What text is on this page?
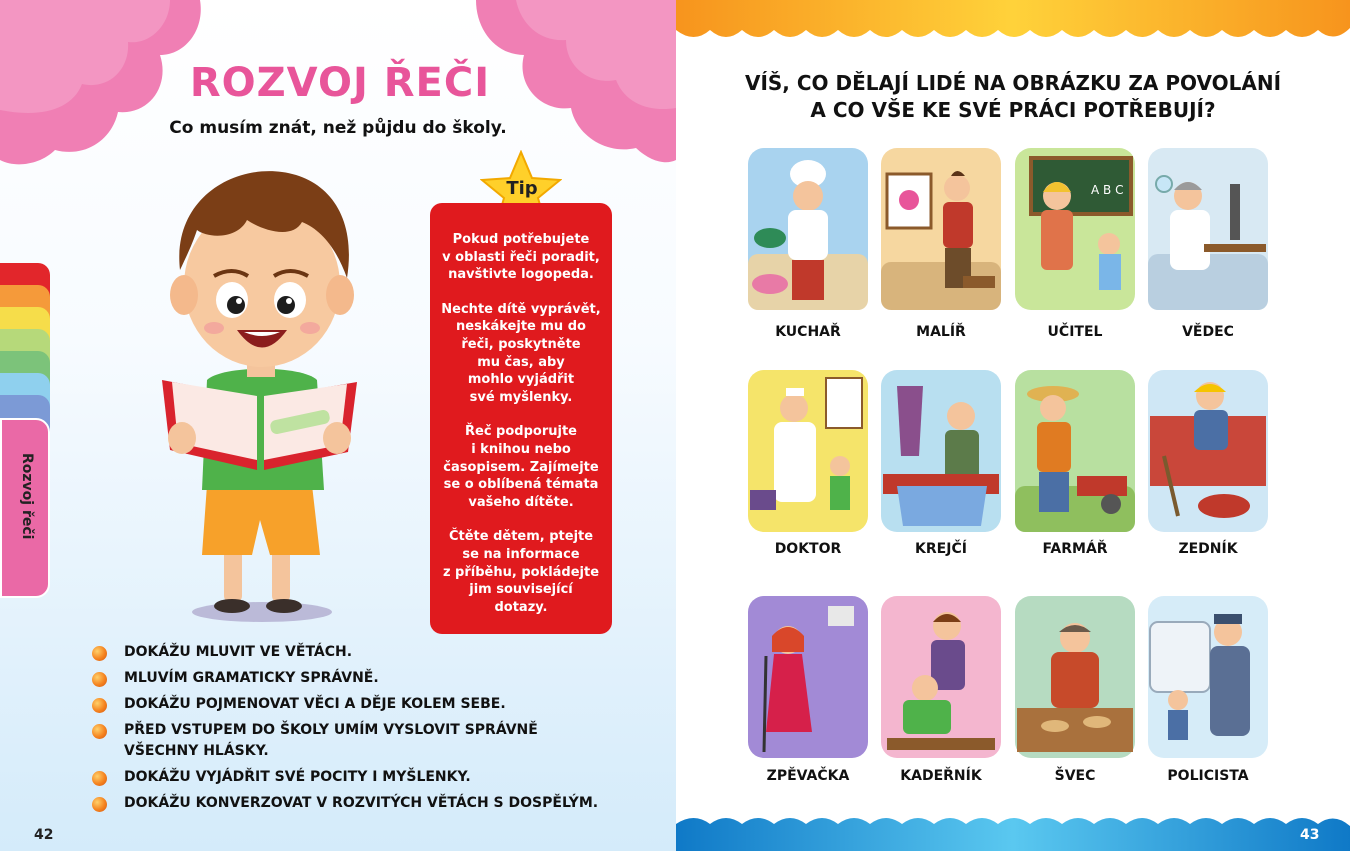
ROZVOJ ŘEČI
Co musím znát, než půjdu do školy.
Rozvoj řeči
Tip

Pokud potřebujete
v oblasti řeči poradit,
navštivte logopeda.

Nechte dítě vyprávět,
neskákejte mu do
řeči, poskytněte
mu čas, aby
mohlo vyjádřit
své myšlenky.

Řeč podporujte
i knihou nebo
časopisem. Zajímejte
se o oblíbená témata
vašeho dítěte.

Čtěte dětem, ptejte
se na informace
z příběhu, pokládejte
jim související
dotazy.

DOKÁŽU MLUVIT VE VĚTÁCH.
MLUVÍM GRAMATICKY SPRÁVNĚ.
DOKÁŽU POJMENOVAT VĚCI A DĚJE KOLEM SEBE.
PŘED VSTUPEM DO ŠKOLY UMÍM VYSLOVIT SPRÁVNĚ VŠECHNY HLÁSKY.
DOKÁŽU VYJÁDŘIT SVÉ POCITY I MYŠLENKY.
DOKÁŽU KONVERZOVAT V ROZVITÝCH VĚTÁCH S DOSPĚLÝM.
42
VÍŠ, CO DĚLAJÍ LIDÉ NA OBRÁZKU ZA POVOLÁNÍ
A CO VŠE KE SVÉ PRÁCI POTŘEBUJÍ?
KUCHAŘ	MALÍŘ
A B C
UČITEL	VĚDEC
DOKTOR	KREJČÍ	FARMÁŘ	ZEDNÍK
ZPĚVAČKA	KADEŘNÍK	ŠVEC	POLICISTA
43
